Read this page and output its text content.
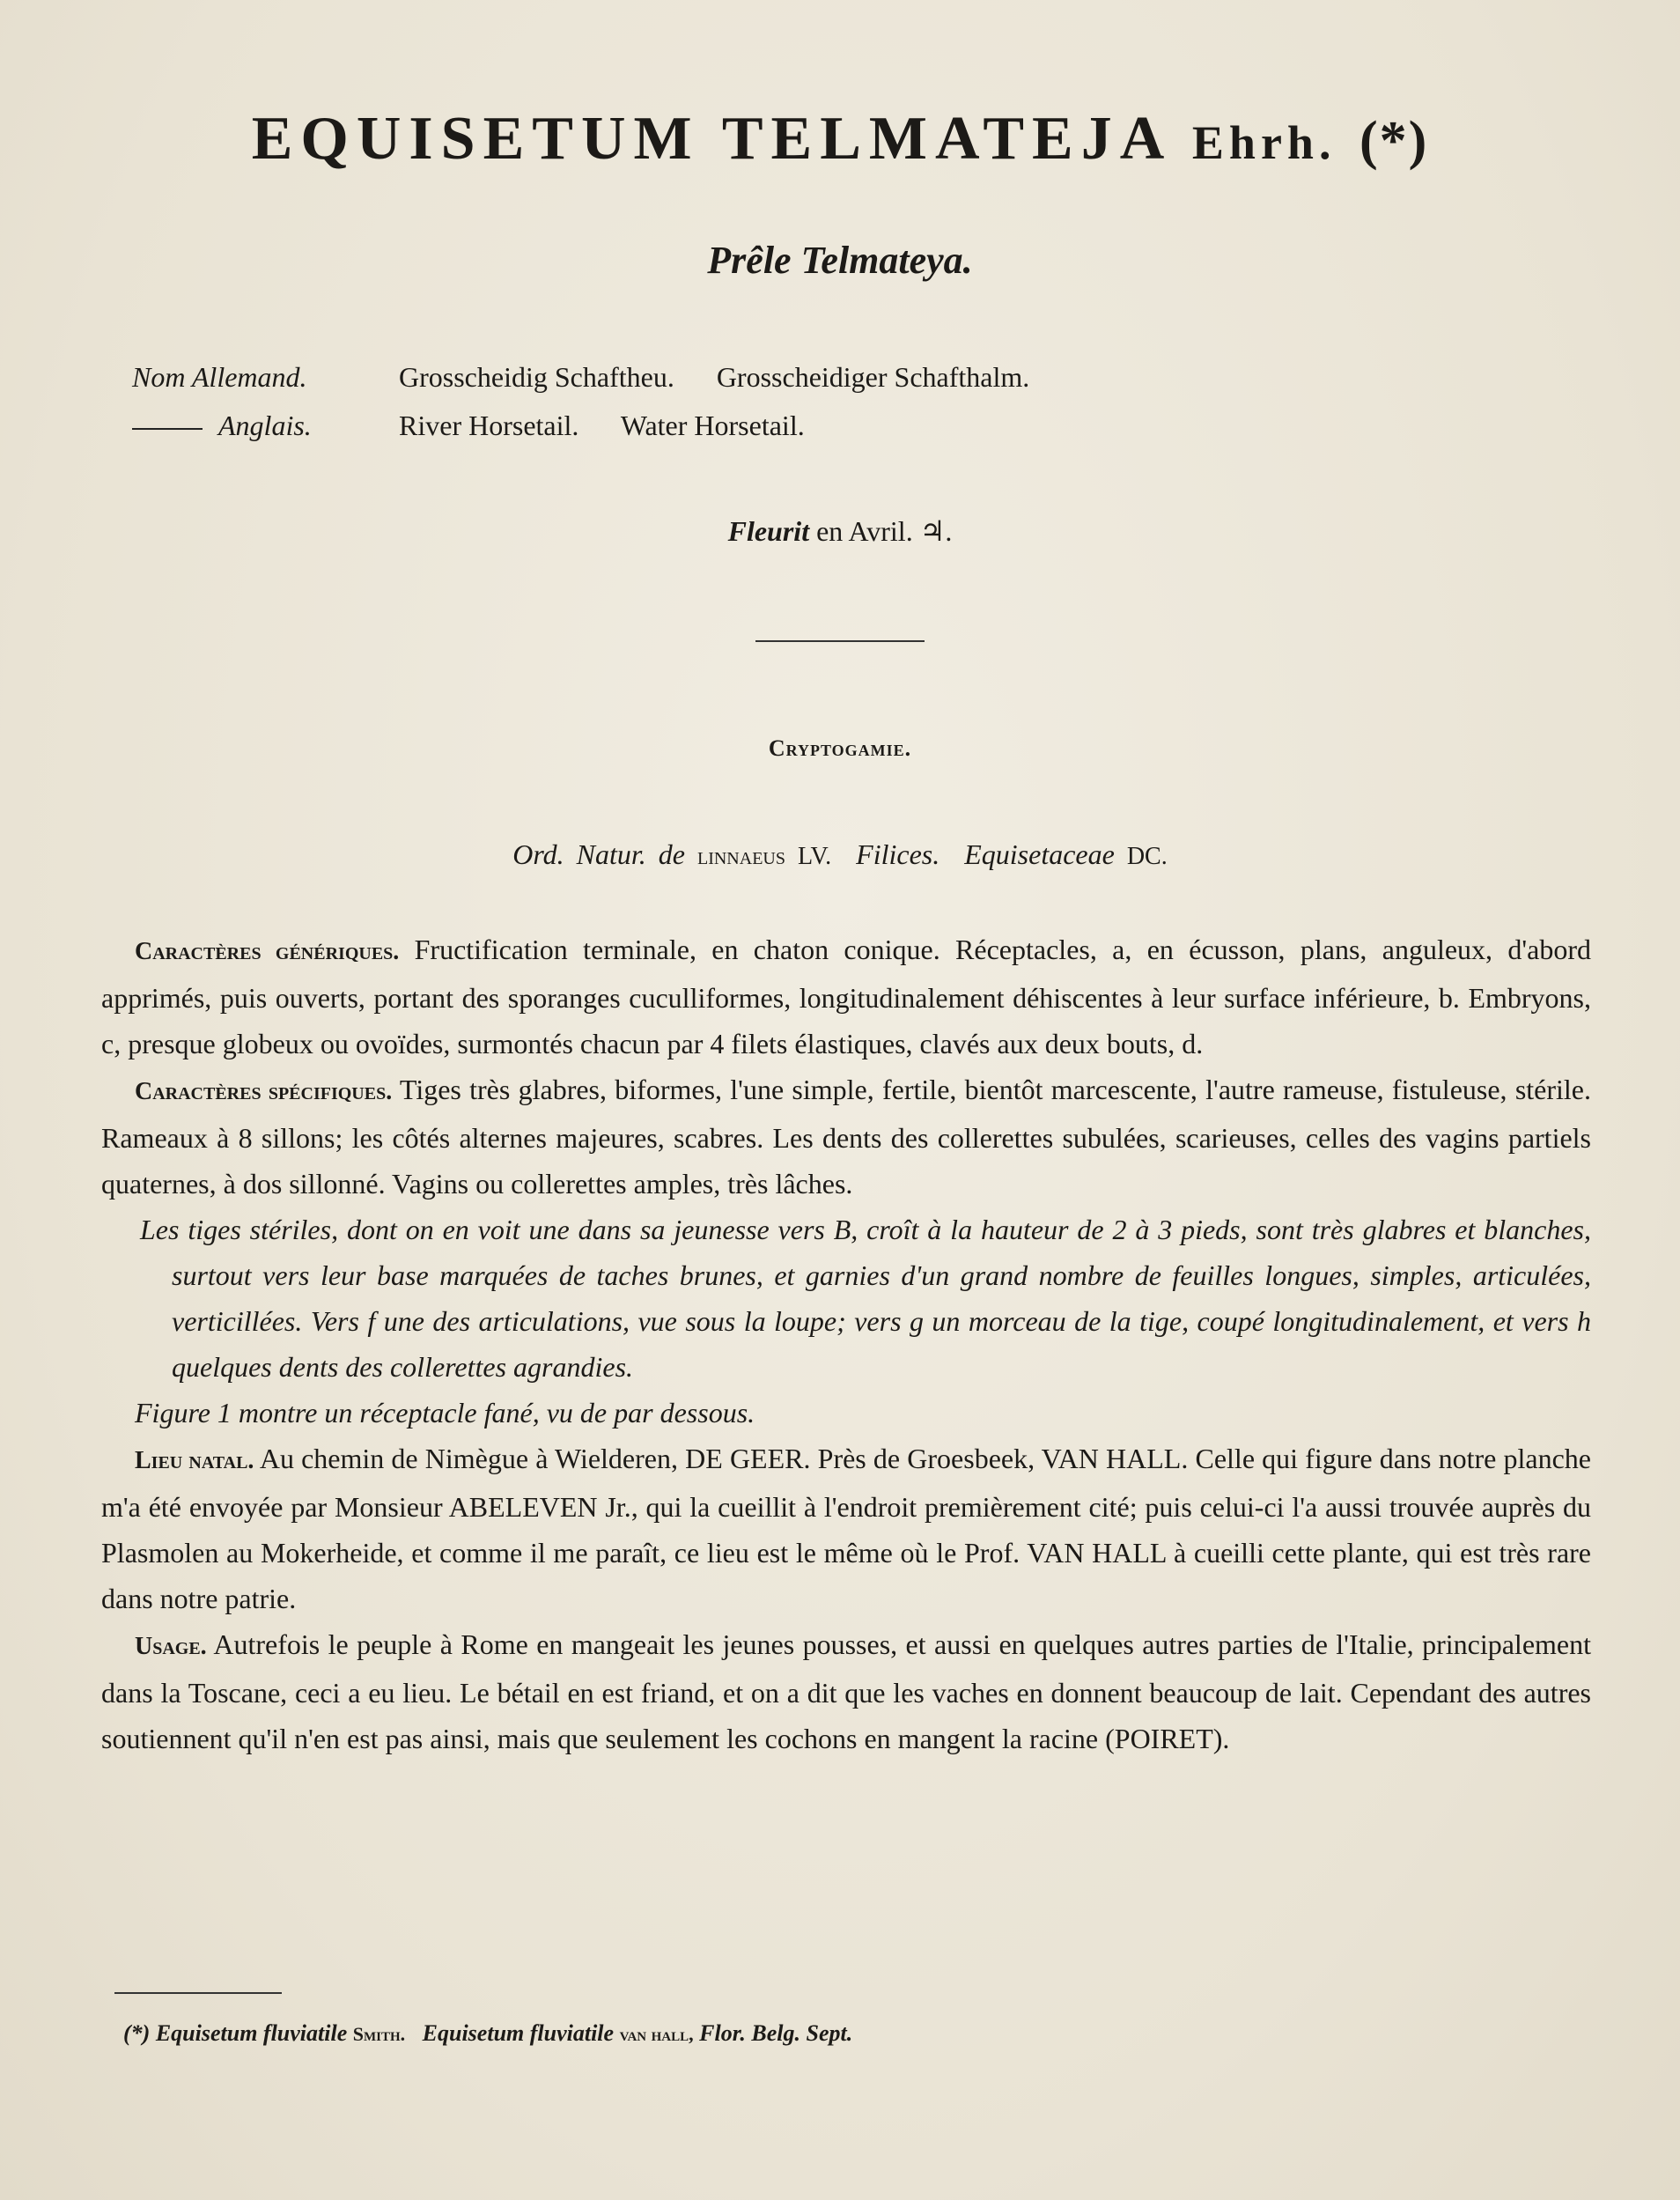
EQUISETUM TELMATEJA Ehrh. (*)
Prêle Telmateya.
Nom Allemand.	Grosscheidig Schaftheu. Grosscheidiger Schafthalm.
Anglais.	River Horsetail. Water Horsetail.
Fleurit en Avril. ♃.
Cryptogamie.
Ord. Natur. de linnaeus LV. Filices. Equisetaceae DC.

Caractères génériques. Fructification terminale, en chaton conique. Réceptacles, a, en écusson, plans, anguleux, d'abord apprimés, puis ouverts, portant des sporanges cuculliformes, longitudinalement déhiscentes à leur surface inférieure, b. Embryons, c, presque globeux ou ovoïdes, surmontés chacun par 4 filets élastiques, clavés aux deux bouts, d.

Caractères spécifiques. Tiges très glabres, biformes, l'une simple, fertile, bientôt marcescente, l'autre rameuse, fistuleuse, stérile. Rameaux à 8 sillons; les côtés alternes majeures, scabres. Les dents des collerettes subulées, scarieuses, celles des vagins partiels quaternes, à dos sillonné. Vagins ou collerettes amples, très lâches.

Les tiges stériles, dont on en voit une dans sa jeunesse vers B, croît à la hauteur de 2 à 3 pieds, sont très glabres et blanches, surtout vers leur base marquées de taches brunes, et garnies d'un grand nombre de feuilles longues, simples, articulées, verticillées. Vers f une des articulations, vue sous la loupe; vers g un morceau de la tige, coupé longitudinalement, et vers h quelques dents des collerettes agrandies.

Figure 1 montre un réceptacle fané, vu de par dessous.

Lieu natal. Au chemin de Nimègue à Wielderen, DE GEER. Près de Groesbeek, VAN HALL. Celle qui figure dans notre planche m'a été envoyée par Monsieur ABELEVEN Jr., qui la cueillit à l'endroit premièrement cité; puis celui-ci l'a aussi trouvée auprès du Plasmolen au Mokerheide, et comme il me paraît, ce lieu est le même où le Prof. VAN HALL à cueilli cette plante, qui est très rare dans notre patrie.

Usage. Autrefois le peuple à Rome en mangeait les jeunes pousses, et aussi en quelques autres parties de l'Italie, principalement dans la Toscane, ceci a eu lieu. Le bétail en est friand, et on a dit que les vaches en donnent beaucoup de lait. Cependant des autres soutiennent qu'il n'en est pas ainsi, mais que seulement les cochons en mangent la racine (POIRET).

(*) Equisetum fluviatile Smith. Equisetum fluviatile van hall, Flor. Belg. Sept.
